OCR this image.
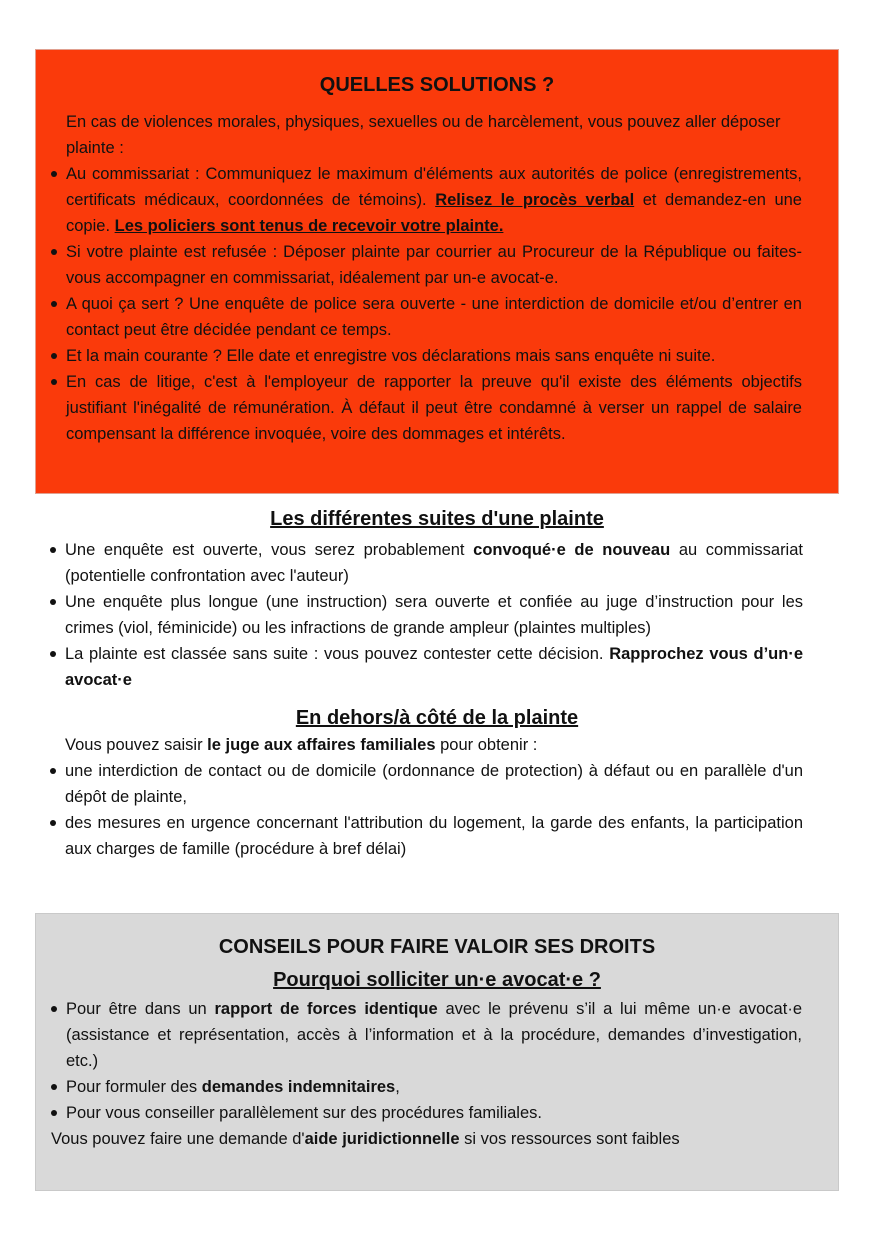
QUELLES SOLUTIONS ?

En cas de violences morales, physiques, sexuelles ou de harcèlement, vous pouvez aller déposer plainte :

Au commissariat : Communiquez le maximum d'éléments aux autorités de police (enregistrements, certificats médicaux, coordonnées de témoins). Relisez le procès verbal et demandez-en une copie. Les policiers sont tenus de recevoir votre plainte.
Si votre plainte est refusée : Déposer plainte par courrier au Procureur de la République ou faites-vous accompagner en commissariat, idéalement par un-e avocat-e.
A quoi ça sert ? Une enquête de police sera ouverte - une interdiction de domicile et/ou d’entrer en contact peut être décidée pendant ce temps.
Et la main courante ? Elle date et enregistre vos déclarations mais sans enquête ni suite.
En cas de litige, c'est à l'employeur de rapporter la preuve qu'il existe des éléments objectifs justifiant l'inégalité de rémunération. À défaut il peut être condamné à verser un rappel de salaire compensant la différence invoquée, voire des dommages et intérêts.
Les différentes suites d'une plainte
Une enquête est ouverte, vous serez probablement convoqué·e de nouveau au commissariat (potentielle confrontation avec l'auteur)
Une enquête plus longue (une instruction) sera ouverte et confiée au juge d’instruction pour les crimes (viol, féminicide) ou les infractions de grande ampleur (plaintes multiples)
La plainte est classée sans suite : vous pouvez contester cette décision. Rapprochez vous d’un·e avocat·e
En dehors/à côté de la plainte

Vous pouvez saisir le juge aux affaires familiales pour obtenir :

une interdiction de contact ou de domicile (ordonnance de protection) à défaut ou en parallèle d'un dépôt de plainte,
des mesures en urgence concernant l'attribution du logement, la garde des enfants, la participation aux charges de famille (procédure à bref délai)
CONSEILS POUR FAIRE VALOIR SES DROITS
Pourquoi solliciter un·e avocat·e ?
Pour être dans un rapport de forces identique avec le prévenu s’il a lui même un·e avocat·e (assistance et représentation, accès à l’information et à la procédure, demandes d’investigation, etc.)
Pour formuler des demandes indemnitaires,
Pour vous conseiller parallèlement sur des procédures familiales.

Vous pouvez faire une demande d'aide juridictionnelle si vos ressources sont faibles
